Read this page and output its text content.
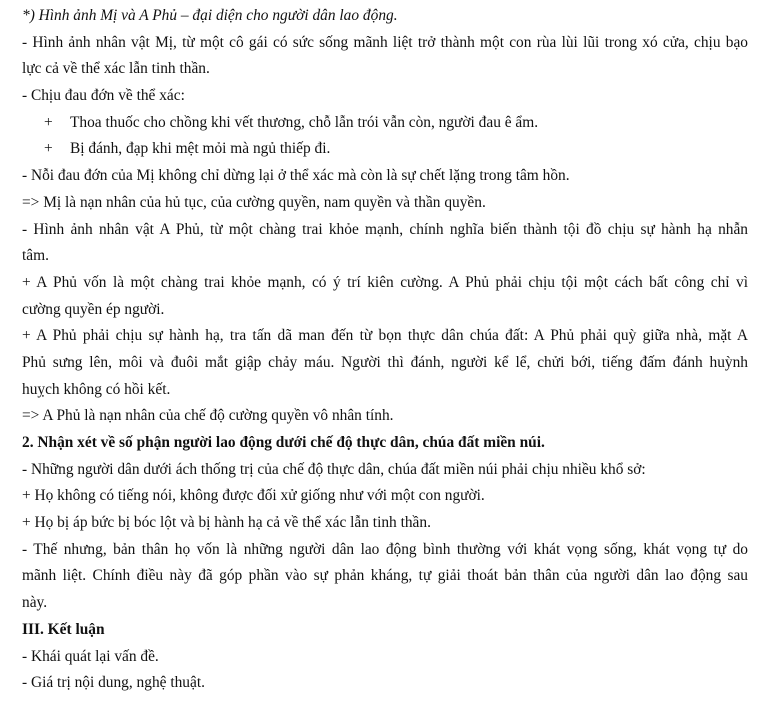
*) Hình ảnh Mị và A Phủ – đại diện cho người dân lao động.
- Hình ảnh nhân vật Mị, từ một cô gái có sức sống mãnh liệt trở thành một con rùa lùi lũi trong xó cửa, chịu bạo
lực cả về thể xác lẫn tinh thần.
- Chịu đau đớn về thể xác:
+ Thoa thuốc cho chồng khi vết thương, chỗ lẫn trói vẫn còn, người đau ê ẩm.
+ Bị đánh, đạp khi mệt mỏi mà ngủ thiếp đi.
- Nỗi đau đớn của Mị không chỉ dừng lại ở thể xác mà còn là sự chết lặng trong tâm hồn.
=> Mị là nạn nhân của hủ tục, của cường quyền, nam quyền và thần quyền.
- Hình ảnh nhân vật A Phủ, từ một chàng trai khỏe mạnh, chính nghĩa biến thành tội đồ chịu sự hành hạ nhẫn
tâm.
+ A Phủ vốn là một chàng trai khỏe mạnh, có ý trí kiên cường. A Phủ phải chịu tội một cách bất công chỉ vì
cường quyền ép người.
+ A Phủ phải chịu sự hành hạ, tra tấn dã man đến từ bọn thực dân chúa đất: A Phủ phải quỳ giữa nhà, mặt A
Phủ sưng lên, môi và đuôi mắt giập chảy máu. Người thì đánh, người kể lể, chửi bới, tiếng đấm đánh huỳnh
huỵch không có hồi kết.
=> A Phủ là nạn nhân của chế độ cường quyền vô nhân tính.
2. Nhận xét về số phận người lao động dưới chế độ thực dân, chúa đất miền núi.
- Những người dân dưới ách thống trị của chế độ thực dân, chúa đất miền núi phải chịu nhiều khổ sở:
+ Họ không có tiếng nói, không được đối xử giống như với một con người.
+ Họ bị áp bức bị bóc lột và bị hành hạ cả về thể xác lẫn tinh thần.
- Thế nhưng, bản thân họ vốn là những người dân lao động bình thường với khát vọng sống, khát vọng tự do
mãnh liệt. Chính điều này đã góp phần vào sự phản kháng, tự giải thoát bản thân của người dân lao động sau
này.
III. Kết luận
- Khái quát lại vấn đề.
- Giá trị nội dung, nghệ thuật.
